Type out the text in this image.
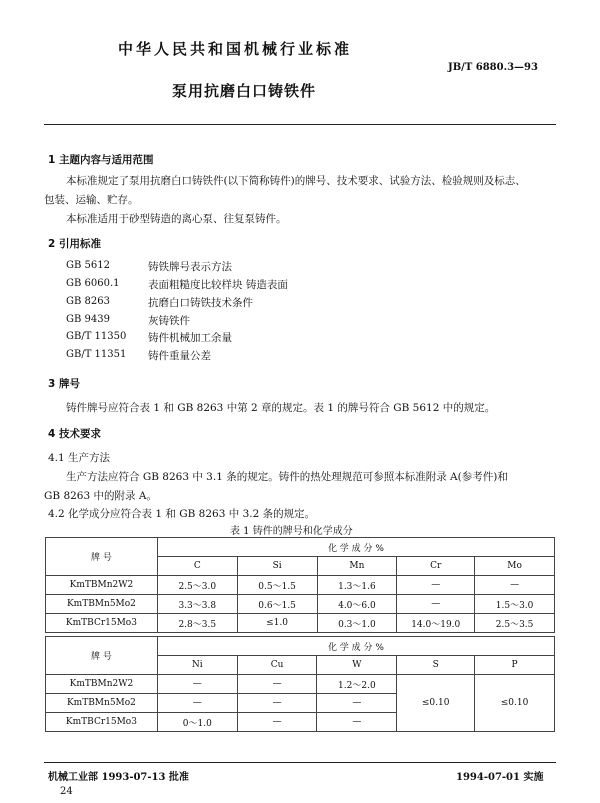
中华人民共和国机械行业标准
JB/T 6880.3—93
泵用抗磨白口铸铁件
1 主题内容与适用范围
本标准规定了泵用抗磨白口铸铁件(以下简称铸件)的牌号、技术要求、试验方法、检验规则及标志、
包装、运输、贮存。
本标准适用于砂型铸造的离心泵、往复泵铸件。
2 引用标准
GB 5612	铸铁牌号表示方法
GB 6060.1	表面粗糙度比较样块 铸造表面
GB 8263	抗磨白口铸铁技术条件
GB 9439	灰铸铁件
GB/T 11350 铸件机械加工余量
GB/T 11351 铸件重量公差
3 牌号
铸件牌号应符合表 1 和 GB 8263 中第 2 章的规定。表 1 的牌号符合 GB 5612 中的规定。
4 技术要求
4.1 生产方法
生产方法应符合 GB 8263 中 3.1 条的规定。铸件的热处理规范可参照本标准附录 A(参考件)和
GB 8263 中的附录 A。
4.2 化学成分应符合表 1 和 GB 8263 中 3.2 条的规定。
表 1 铸件的牌号和化学成分
牌 号	化 学 成 分 %				
	C	Si	Mn	Cr	Mo
KmTBMn2W2	2.5～3.0	0.5～1.5	1.3～1.6	—	—
KmTBMn5Mo2	3.3～3.8	0.6～1.5	4.0～6.0	—	1.5～3.0
KmTBCr15Mo3	2.8～3.5	≤1.0	0.3～1.0	14.0～19.0	2.5～3.5
牌 号	化 学 成 分 %				
	Ni	Cu	W	S	P
KmTBMn2W2	—	—	1.2～2.0	≤0.10	≤0.10
KmTBMn5Mo2	—	—	—		
KmTBCr15Mo3	0～1.0	—	—		
机械工业部 1993-07-13 批准	1994-07-01 实施
24
